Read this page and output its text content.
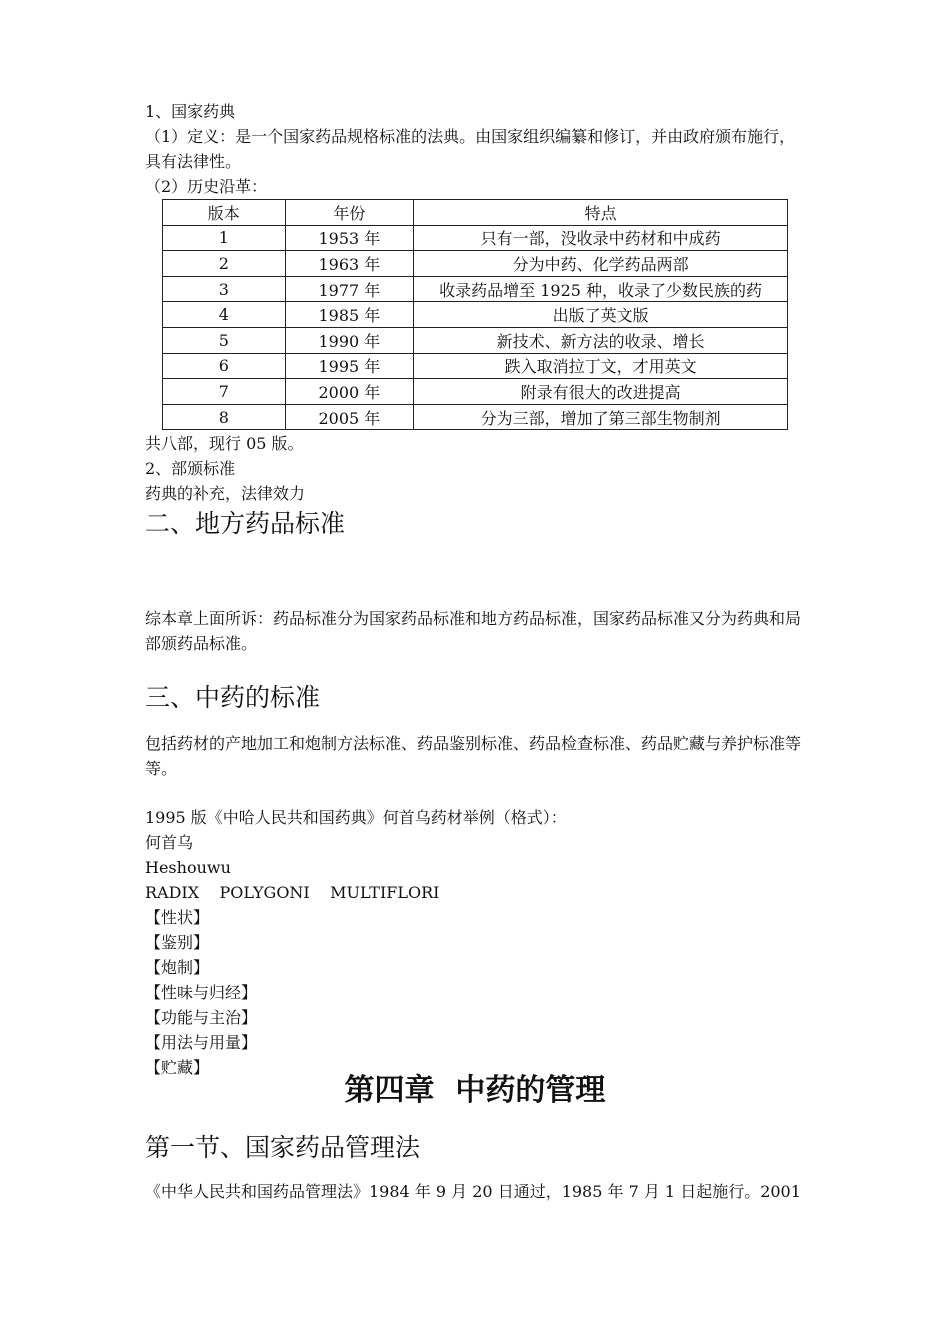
1、国家药典
（1）定义：是一个国家药品规格标准的法典。由国家组织编纂和修订，并由政府颁布施行，具有法律性。
（2）历史沿革：
版本	年份	特点
1	1953 年	只有一部，没收录中药材和中成药
2	1963 年	分为中药、化学药品两部
3	1977 年	收录药品增至 1925 种，收录了少数民族的药
4	1985 年	出版了英文版
5	1990 年	新技术、新方法的收录、增长
6	1995 年	跌入取消拉丁文，才用英文
7	2000 年	附录有很大的改进提高
8	2005 年	分为三部，增加了第三部生物制剂
共八部，现行 05 版。
2、部颁标准
药典的补充，法律效力
二、地方药品标准
综本章上面所诉：药品标准分为国家药品标准和地方药品标准，国家药品标准又分为药典和局部颁药品标准。
三、中药的标准
包括药材的产地加工和炮制方法标准、药品鉴别标准、药品检查标准、药品贮藏与养护标准等等。
1995 版《中哈人民共和国药典》何首乌药材举例（格式）：
何首乌
Heshouwu
RADIX    POLYGONI    MULTIFLORI
【性状】
【鉴别】
【炮制】
【性味与归经】
【功能与主治】
【用法与用量】
【贮藏】
第四章  中药的管理
第一节、国家药品管理法
《中华人民共和国药品管理法》1984 年 9 月 20 日通过，1985 年 7 月 1 日起施行。2001
